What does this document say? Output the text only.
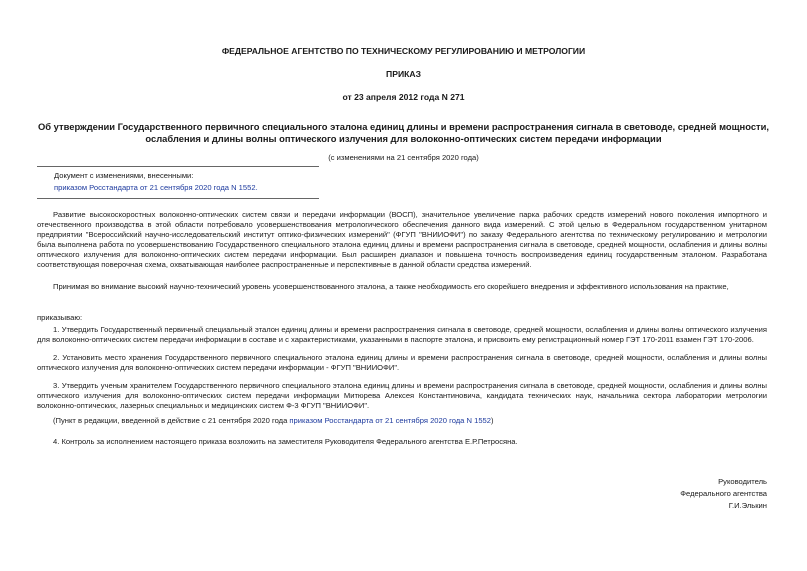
ФЕДЕРАЛЬНОЕ АГЕНТСТВО ПО ТЕХНИЧЕСКОМУ РЕГУЛИРОВАНИЮ И МЕТРОЛОГИИ
ПРИКАЗ
от 23 апреля 2012 года N 271
Об утверждении Государственного первичного специального эталона единиц длины и времени распространения сигнала в световоде, средней мощности,
ослабления и длины волны оптического излучения для волоконно-оптических систем передачи информации
(с изменениями на 21 сентября 2020 года)
Документ с изменениями, внесенными:
приказом Росстандарта от 21 сентября 2020 года N 1552.

Развитие высокоскоростных волоконно-оптических систем связи и передачи информации (ВОСП), значительное увеличение парка рабочих средств измерений нового поколения импортного и отечественного производства в этой области потребовало усовершенствования метрологического обеспечения данного вида измерений. С этой целью в Федеральном государственном унитарном предприятии "Всероссийский научно-исследовательский институт оптико-физических измерений" (ФГУП "ВНИИОФИ") по заказу Федерального агентства по техническому регулированию и метрологии была выполнена работа по усовершенствованию Государственного специального эталона единиц длины и времени распространения сигнала в световоде, средней мощности, ослабления и длины волны оптического излучения для волоконно-оптических систем передачи информации. Был расширен диапазон и повышена точность воспроизведения единиц государственным эталоном. Разработана соответствующая поверочная схема, охватывающая наиболее распространенные и перспективные в данной области средства измерений.

Принимая во внимание высокий научно-технический уровень усовершенствованного эталона, а также необходимость его скорейшего внедрения и эффективного использования на практике,

приказываю:

1. Утвердить Государственный первичный специальный эталон единиц длины и времени распространения сигнала в световоде, средней мощности, ослабления и длины волны оптического излучения для волоконно-оптических систем передачи информации в составе и с характеристиками, указанными в паспорте эталона, и присвоить ему регистрационный номер ГЭТ 170-2011 взамен ГЭТ 170-2006.

2. Установить место хранения Государственного первичного специального эталона единиц длины и времени распространения сигнала в световоде, средней мощности, ослабления и длины волны оптического излучения для волоконно-оптических систем передачи информации - ФГУП "ВНИИОФИ".

3. Утвердить ученым хранителем Государственного первичного специального эталона единиц длины и времени распространения сигнала в световоде, средней мощности, ослабления и длины волны оптического излучения для волоконно-оптических систем передачи информации Митюрева Алексея Константиновича, кандидата технических наук, начальника сектора лаборатории метрологии волоконно-оптических, лазерных специальных и медицинских систем Ф-3 ФГУП "ВНИИОФИ".

(Пункт в редакции, введенной в действие с 21 сентября 2020 года приказом Росстандарта от 21 сентября 2020 года N 1552)

4. Контроль за исполнением настоящего приказа возложить на заместителя Руководителя Федерального агентства Е.Р.Петросяна.

Руководитель
Федерального агентства
Г.И.Элькин
